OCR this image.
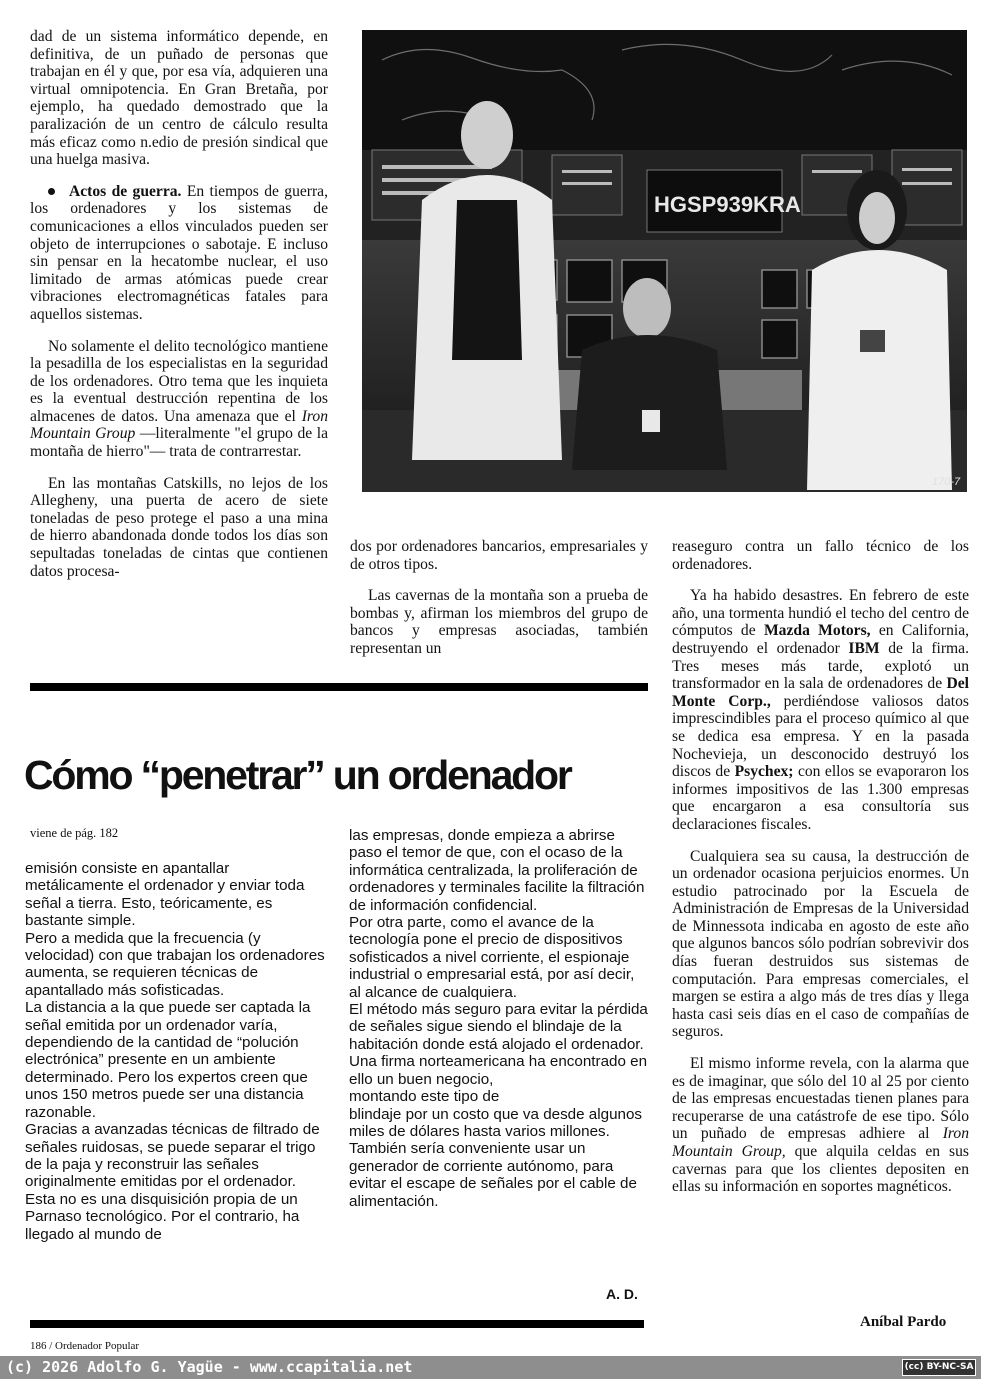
dad de un sistema informático depende, en definitiva, de un puñado de personas que trabajan en él y que, por esa vía, adquieren una virtual omnipotencia. En Gran Bretaña, por ejemplo, ha quedado demostrado que la paralización de un centro de cálculo resulta más eficaz como n.edio de presión sindical que una huelga masiva.

Actos de guerra. En tiempos de guerra, los ordenadores y los sistemas de comunicaciones a ellos vinculados pueden ser objeto de interrupciones o sabotaje. E incluso sin pensar en la hecatombe nuclear, el uso limitado de armas atómicas puede crear vibraciones electromagnéticas fatales para aquellos sistemas.

No solamente el delito tecnológico mantiene la pesadilla de los especialistas en la seguridad de los ordenadores. Otro tema que les inquieta es la eventual destrucción repentina de los almacenes de datos. Una amenaza que el Iron Mountain Group —literalmente "el grupo de la montaña de hierro"— trata de contrarrestar.

En las montañas Catskills, no lejos de los Allegheny, una puerta de acero de siete toneladas de peso protege el paso a una mina de hierro abandonada donde todos los días son sepultadas toneladas de cintas que contienen datos procesa-

HGSP939KRA
170-7

dos por ordenadores bancarios, empresariales y de otros tipos.

Las cavernas de la montaña son a prueba de bombas y, afirman los miembros del grupo de bancos y empresas asociadas, también representan un

reaseguro contra un fallo técnico de los ordenadores.

Ya ha habido desastres. En febrero de este año, una tormenta hundió el techo del centro de cómputos de Mazda Motors, en California, destruyendo el ordenador IBM de la firma. Tres meses más tarde, explotó un transformador en la sala de ordenadores de Del Monte Corp., perdiéndose valiosos datos imprescindibles para el proceso químico al que se dedica esa empresa. Y en la pasada Nochevieja, un desconocido destruyó los discos de Psychex; con ellos se evaporaron los informes impositivos de las 1.300 empresas que encargaron a esa consultoría sus declaraciones fiscales.

Cualquiera sea su causa, la destrucción de un ordenador ocasiona perjuicios enormes. Un estudio patrocinado por la Escuela de Administración de Empresas de la Universidad de Minnessota indicaba en agosto de este año que algunos bancos sólo podrían sobrevivir dos días fueran destruidos sus sistemas de computación. Para empresas comerciales, el margen se estira a algo más de tres días y llega hasta casi seis días en el caso de compañías de seguros.

El mismo informe revela, con la alarma que es de imaginar, que sólo del 10 al 25 por ciento de las empresas encuestadas tienen planes para recuperarse de una catástrofe de ese tipo. Sólo un puñado de empresas adhiere al Iron Mountain Group, que alquila celdas en sus cavernas para que los clientes depositen en ellas su información en soportes magnéticos.

Cómo “penetrar” un ordenador
viene de pág. 182

emisión consiste en apantallar metálicamente el ordenador y enviar toda señal a tierra. Esto, teóricamente, es bastante simple.

Pero a medida que la frecuencia (y velocidad) con que trabajan los ordenadores aumenta, se requieren técnicas de apantallado más sofisticadas.

La distancia a la que puede ser captada la señal emitida por un ordenador varía, dependiendo de la cantidad de “polución electrónica” presente en un ambiente determinado. Pero los expertos creen que unos 150 metros puede ser una distancia razonable.

Gracias a avanzadas técnicas de filtrado de señales ruidosas, se puede separar el trigo de la paja y reconstruir las señales originalmente emitidas por el ordenador.

Esta no es una disquisición propia de un Parnaso tecnológico. Por el contrario, ha llegado al mundo de

las empresas, donde empieza a abrirse paso el temor de que, con el ocaso de la informática centralizada, la proliferación de ordenadores y terminales facilite la filtración de información confidencial.

Por otra parte, como el avance de la tecnología pone el precio de dispositivos sofisticados a nivel corriente, el espionaje industrial o empresarial está, por así decir, al alcance de cualquiera.

El método más seguro para evitar la pérdida de señales sigue siendo el blindaje de la habitación donde está alojado el ordenador. Una firma norteamericana ha encontrado en ello un buen negocio,

montando este tipo de

blindaje por un costo que va desde algunos miles de dólares hasta varios millones. También sería conveniente usar un generador de corriente autónomo, para evitar el escape de señales por el cable de alimentación.

A. D.
Aníbal Pardo
186 / Ordenador Popular
(c) 2026 Adolfo G. Yagüe - www.ccapitalia.net	(cc) BY-NC-SA
